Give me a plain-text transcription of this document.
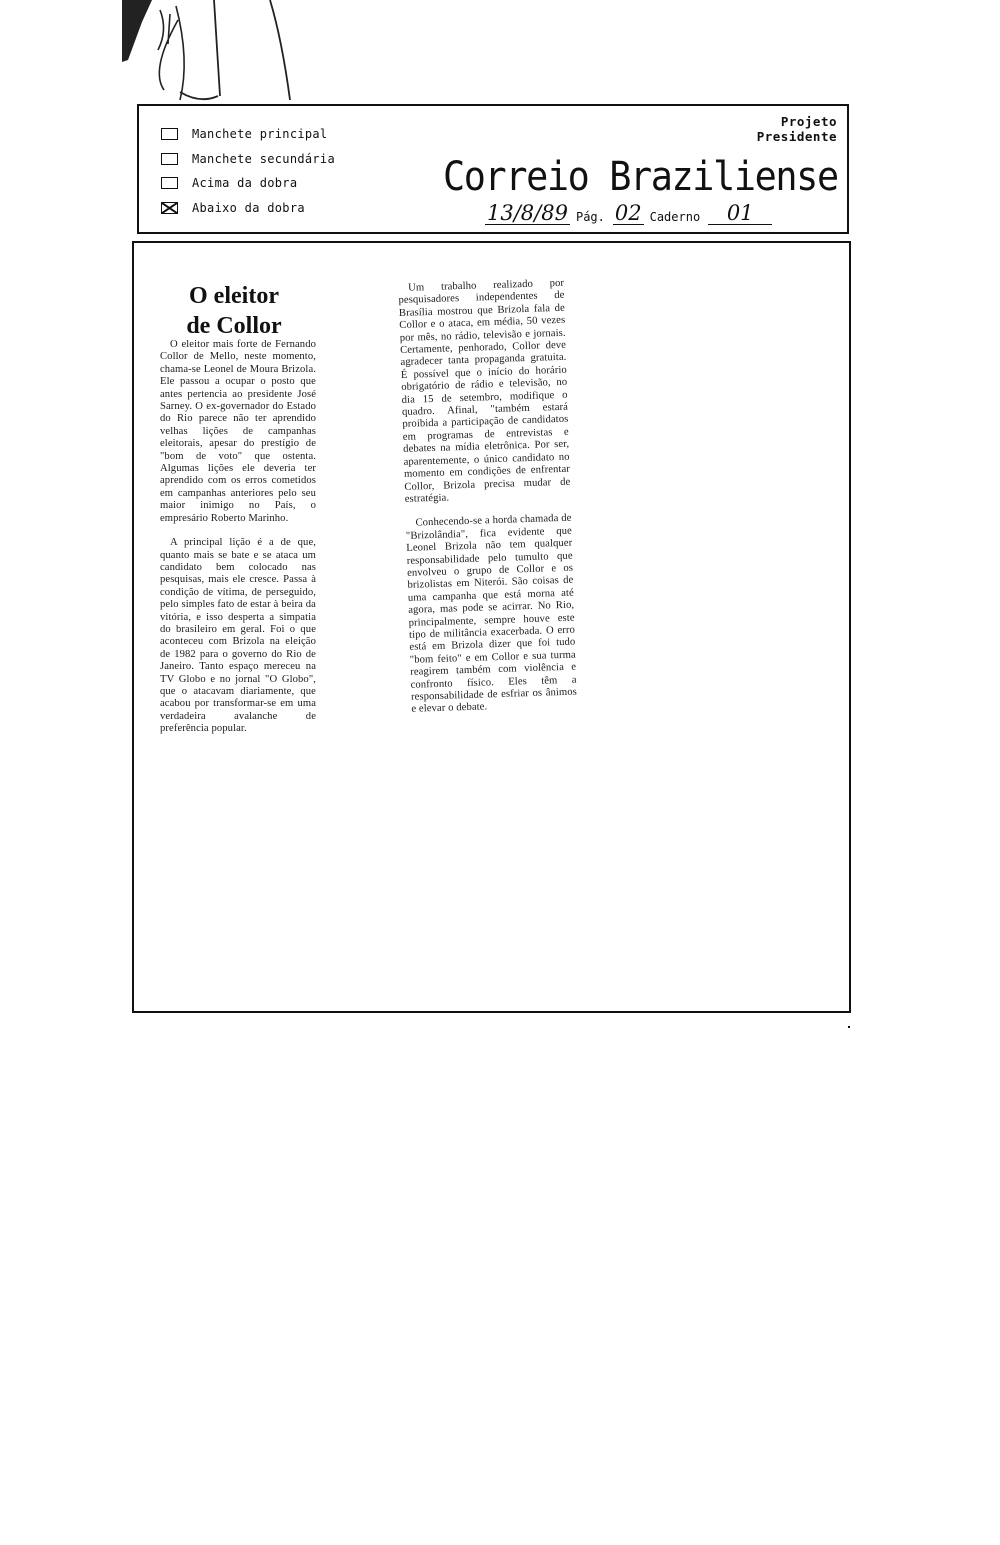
Manchete principal
Manchete secundária
Acima da dobra
Abaixo da dobra
Projeto
Presidente
Correio Braziliense
13/8/89 Pág. 02 Caderno	01
O eleitor
de Collor

O eleitor mais forte de Fernando Collor de Mello, neste momento, chama-se Leonel de Moura Brizola. Ele passou a ocupar o posto que antes pertencia ao presidente José Sarney. O ex-governador do Estado do Rio parece não ter aprendido velhas lições de campanhas eleitorais, apesar do prestígio de "bom de voto" que ostenta. Algumas lições ele deveria ter aprendido com os erros cometidos em campanhas anteriores pelo seu maior inimigo no País, o empresário Roberto Marinho.

A principal lição é a de que, quanto mais se bate e se ataca um candidato bem colocado nas pesquisas, mais ele cresce. Passa à condição de vítima, de perseguido, pelo simples fato de estar à beira da vitória, e isso desperta a simpatia do brasileiro em geral. Foi o que aconteceu com Brizola na eleição de 1982 para o governo do Rio de Janeiro. Tanto espaço mereceu na TV Globo e no jornal "O Globo", que o atacavam diariamente, que acabou por transformar-se em uma verdadeira avalanche de preferência popular.

Um trabalho realizado por pesquisadores independentes de Brasília mostrou que Brizola fala de Collor e o ataca, em média, 50 vezes por mês, no rádio, televisão e jornais. Certamente, penhorado, Collor deve agradecer tanta propaganda gratuita. É possível que o início do horário obrigatório de rádio e televisão, no dia 15 de setembro, modifique o quadro. Afinal, "também estará proibida a participação de candidatos em programas de entrevistas e debates na mídia eletrônica. Por ser, aparentemente, o único candidato no momento em condições de enfrentar Collor, Brizola precisa mudar de estratégia.

Conhecendo-se a horda chamada de "Brizolândia", fica evidente que Leonel Brizola não tem qualquer responsabilidade pelo tumulto que envolveu o grupo de Collor e os brizolistas em Niterói. São coisas de uma campanha que está morna até agora, mas pode se acirrar. No Rio, principalmente, sempre houve este tipo de militância exacerbada. O erro está em Brizola dizer que foi tudo "bom feito" e em Collor e sua turma reagirem também com violência e confronto físico. Eles têm a responsabilidade de esfriar os ânimos e elevar o debate.
